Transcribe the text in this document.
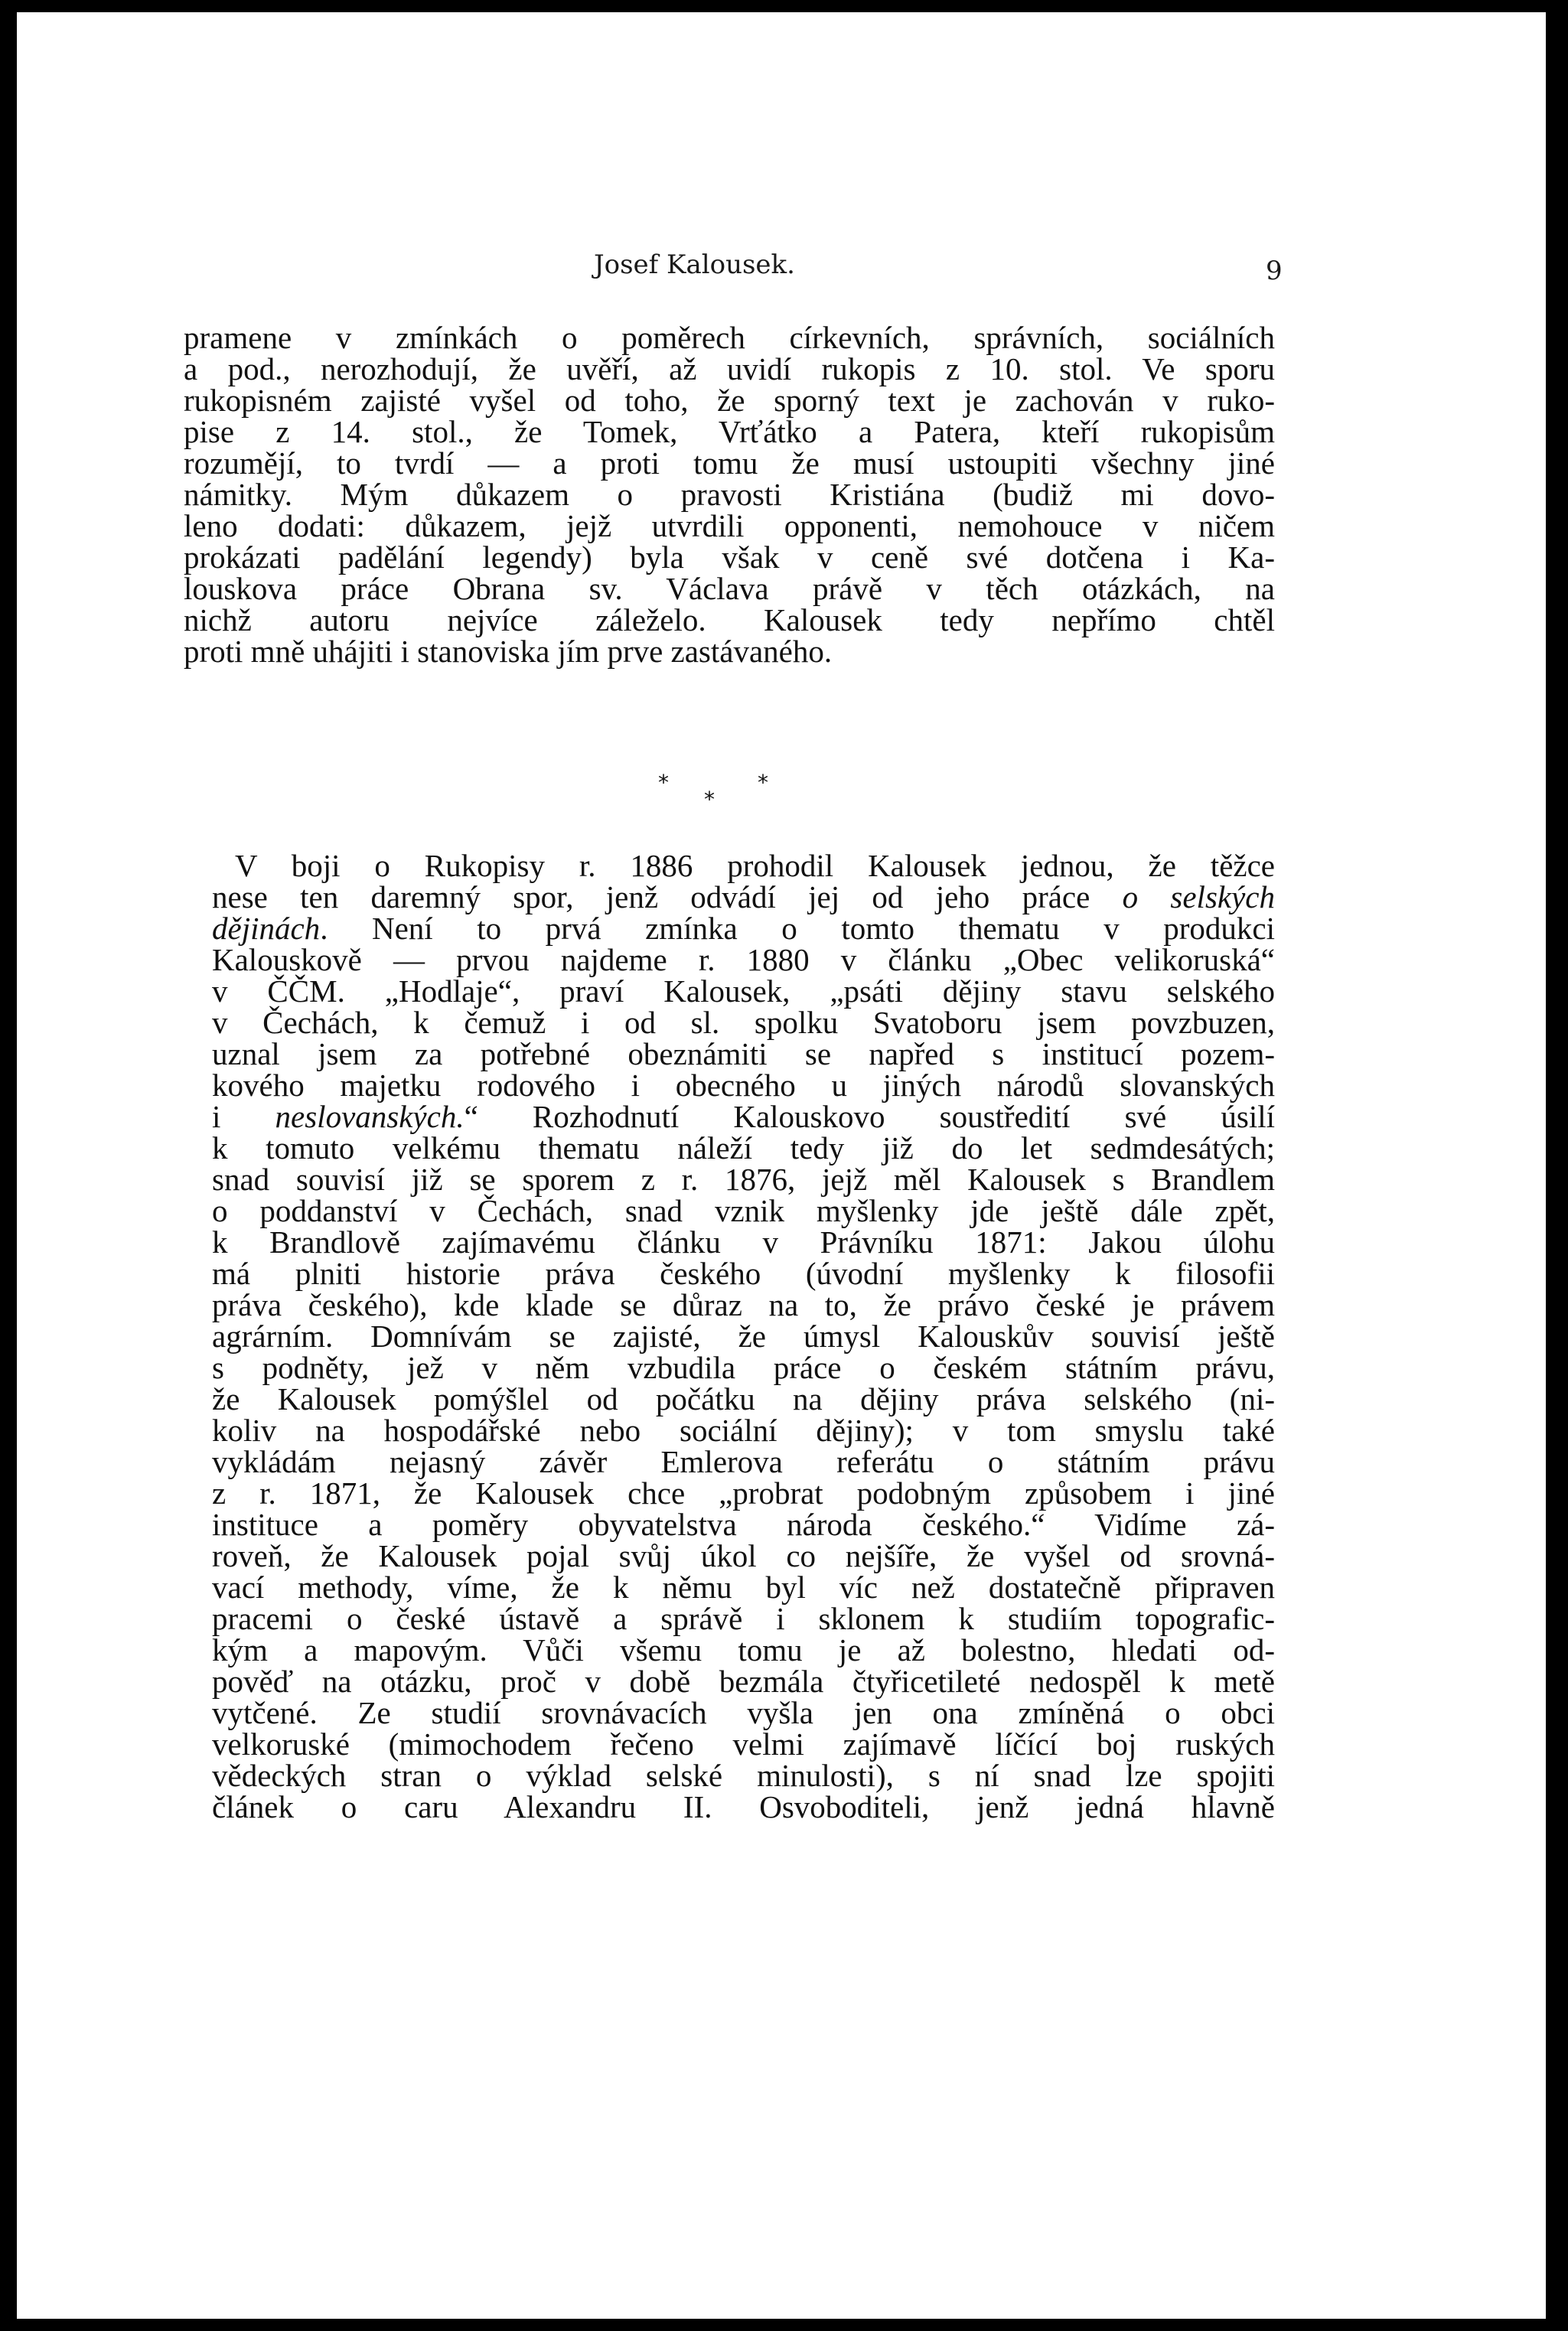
Josef Kalousek.	9
pramene v zmínkách o poměrech církevních, správních, sociálních
a pod., nerozhodují, že uvěří, až uvidí rukopis z 10. stol. Ve sporu
rukopisném zajisté vyšel od toho, že sporný text je zachován v ruko-
pise z 14. stol., že Tomek, Vrťátko a Patera, kteří rukopisům
rozumějí, to tvrdí — a proti tomu že musí ustoupiti všechny jiné
námitky. Mým důkazem o pravosti Kristiána (budiž mi dovo-
leno dodati: důkazem, jejž utvrdili opponenti, nemohouce v ničem
prokázati padělání legendy) byla však v ceně své dotčena i Ka-
louskova práce Obrana sv. Václava právě v těch otázkách, na
nichž autoru nejvíce záleželo. Kalousek tedy nepřímo chtěl
proti mně uhájiti i stanoviska jím prve zastávaného.
*
*
*
V boji o Rukopisy r. 1886 prohodil Kalousek jednou, že těžce
nese ten daremný spor, jenž odvádí jej od jeho práce o selských
dějinách. Není to prvá zmínka o tomto thematu v produkci
Kalouskově — prvou najdeme r. 1880 v článku „Obec velikoruská“
v ČČM. „Hodlaje“, praví Kalousek, „psáti dějiny stavu selského
v Čechách, k čemuž i od sl. spolku Svatoboru jsem povzbuzen,
uznal jsem za potřebné obeznámiti se napřed s institucí pozem-
kového majetku rodového i obecného u jiných národů slovanských
i neslovanských.“ Rozhodnutí Kalouskovo soustředití své úsilí
k tomuto velkému thematu náleží tedy již do let sedmdesátých;
snad souvisí již se sporem z r. 1876, jejž měl Kalousek s Brandlem
o poddanství v Čechách, snad vznik myšlenky jde ještě dále zpět,
k Brandlově zajímavému článku v Právníku 1871: Jakou úlohu
má plniti historie práva českého (úvodní myšlenky k filosofii
práva českého), kde klade se důraz na to, že právo české je právem
agrárním. Domnívám se zajisté, že úmysl Kalouskův souvisí ještě
s podněty, jež v něm vzbudila práce o českém státním právu,
že Kalousek pomýšlel od počátku na dějiny práva selského (ni-
koliv na hospodářské nebo sociální dějiny); v tom smyslu také
vykládám nejasný závěr Emlerova referátu o státním právu
z r. 1871, že Kalousek chce „probrat podobným způsobem i jiné
instituce a poměry obyvatelstva národa českého.“ Vidíme zá-
roveň, že Kalousek pojal svůj úkol co nejšíře, že vyšel od srovná-
vací methody, víme, že k němu byl víc než dostatečně připraven
pracemi o české ústavě a správě i sklonem k studiím topografic-
kým a mapovým. Vůči všemu tomu je až bolestno, hledati od-
pověď na otázku, proč v době bezmála čtyřicetileté nedospěl k metě
vytčené. Ze studií srovnávacích vyšla jen ona zmíněná o obci
velkoruské (mimochodem řečeno velmi zajímavě líčící boj ruských
vědeckých stran o výklad selské minulosti), s ní snad lze spojiti
článek o caru Alexandru II. Osvoboditeli, jenž jedná hlavně
